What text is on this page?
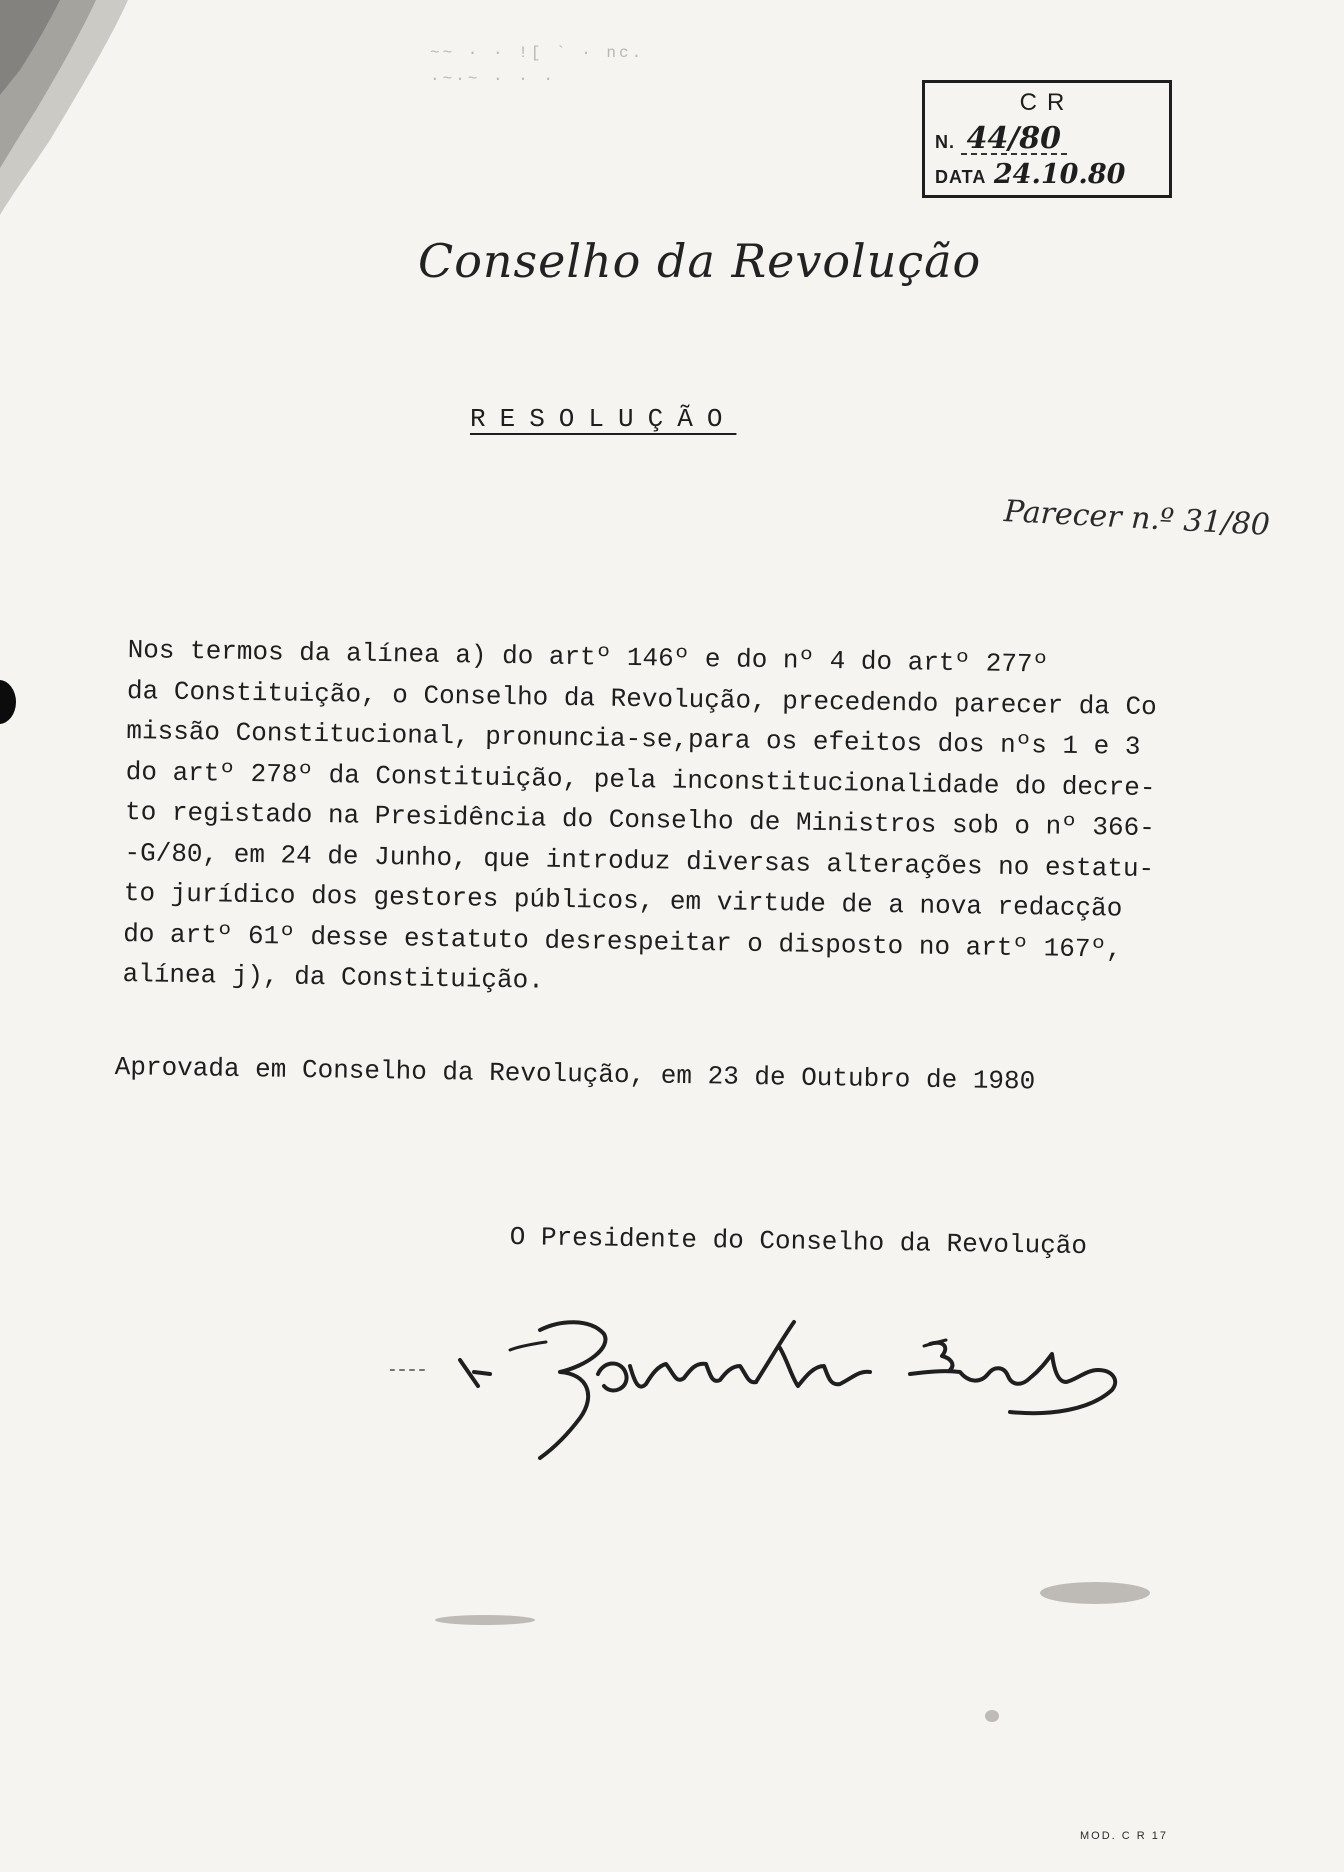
~~ · · ![ ` · nc.
·~·~ · · ·
CR
N. 44/80
DATA 24.10.80
Conselho da Revolução
RESOLUÇÃO
Parecer n.º 31/80
Nos termos da alínea a) do artº 146º e do nº 4 do artº 277º
da Constituição, o Conselho da Revolução, precedendo parecer da Co
missão Constitucional, pronuncia-se,para os efeitos dos nºs 1 e 3
do artº 278º da Constituição, pela inconstitucionalidade do decre-
to registado na Presidência do Conselho de Ministros sob o nº 366-
-G/80, em 24 de Junho, que introduz diversas alterações no estatu-
to jurídico dos gestores públicos, em virtude de a nova redacção
do artº 61º desse estatuto desrespeitar o disposto no artº 167º,
alínea j), da Constituição.
Aprovada em Conselho da Revolução, em 23 de Outubro de 1980
O Presidente do Conselho da Revolução
MOD. C R 17
